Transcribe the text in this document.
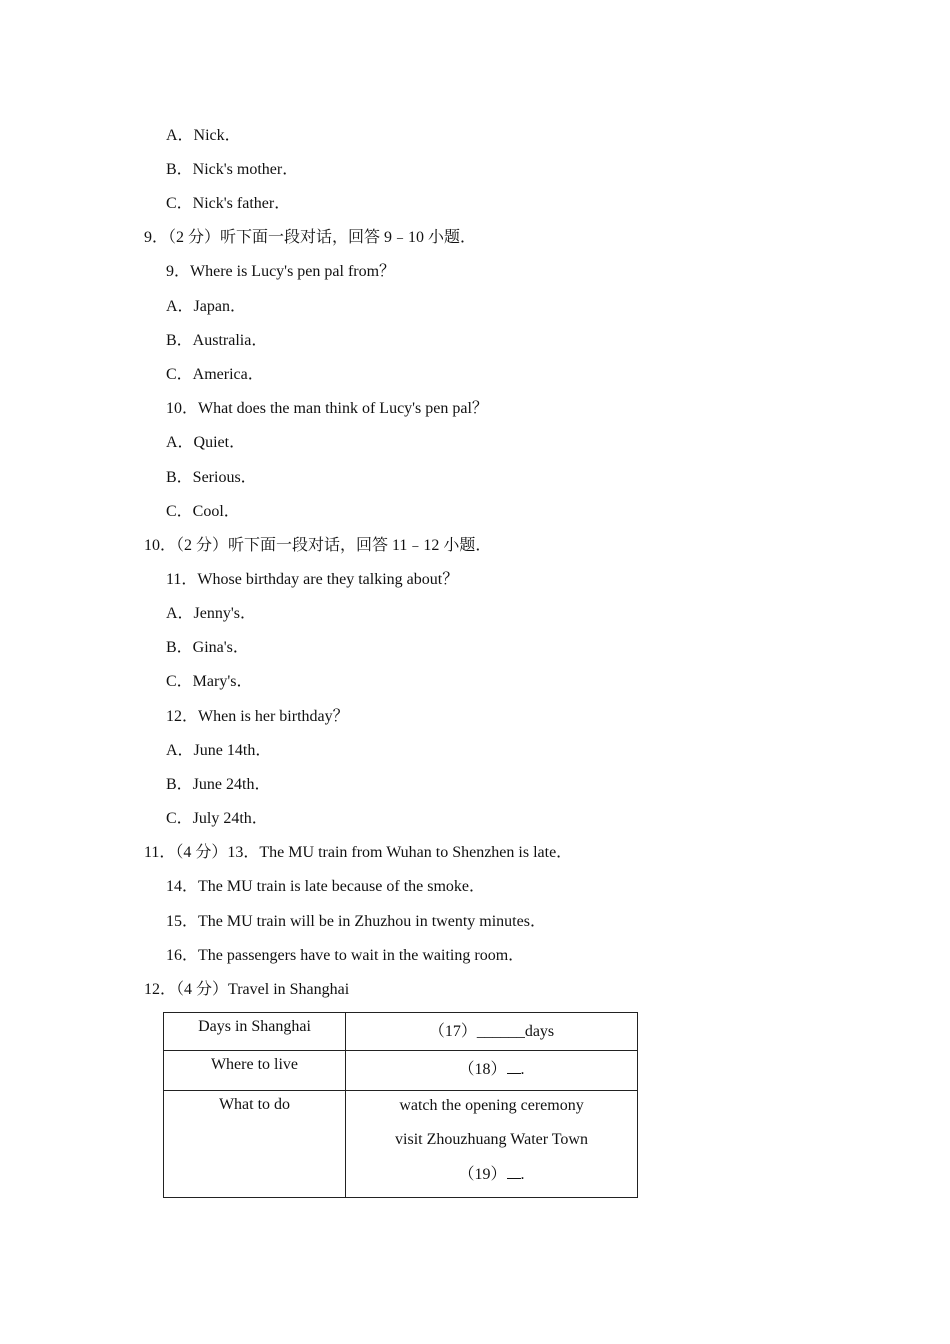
A．Nick．
B．Nick's mother．
C．Nick's father．
9．（2 分）听下面一段对话，回答 9﹣10 小题．
9．Where is Lucy's pen pal from？
A．Japan．
B．Australia．
C．America．
10．What does the man think of Lucy's pen pal？
A．Quiet．
B．Serious．
C．Cool．
10．（2 分）听下面一段对话，回答 11﹣12 小题．
11．Whose birthday are they talking about？
A．Jenny's．
B．Gina's．
C．Mary's．
12．When is her birthday？
A．June 14th．
B．June 24th．
C．July 24th．
11．（4 分）13．The MU train from Wuhan to Shenzhen is late．
14．The MU train is late because of the smoke．
15．The MU train will be in Zhuzhou in twenty minutes．
16．The passengers have to wait in the waiting room．
12．（4 分）Travel in Shanghai
Days in Shanghai	（17）______days
Where to live	（18） .
What to do	watch the opening ceremony
visit Zhouzhuang Water Town
（19） .
